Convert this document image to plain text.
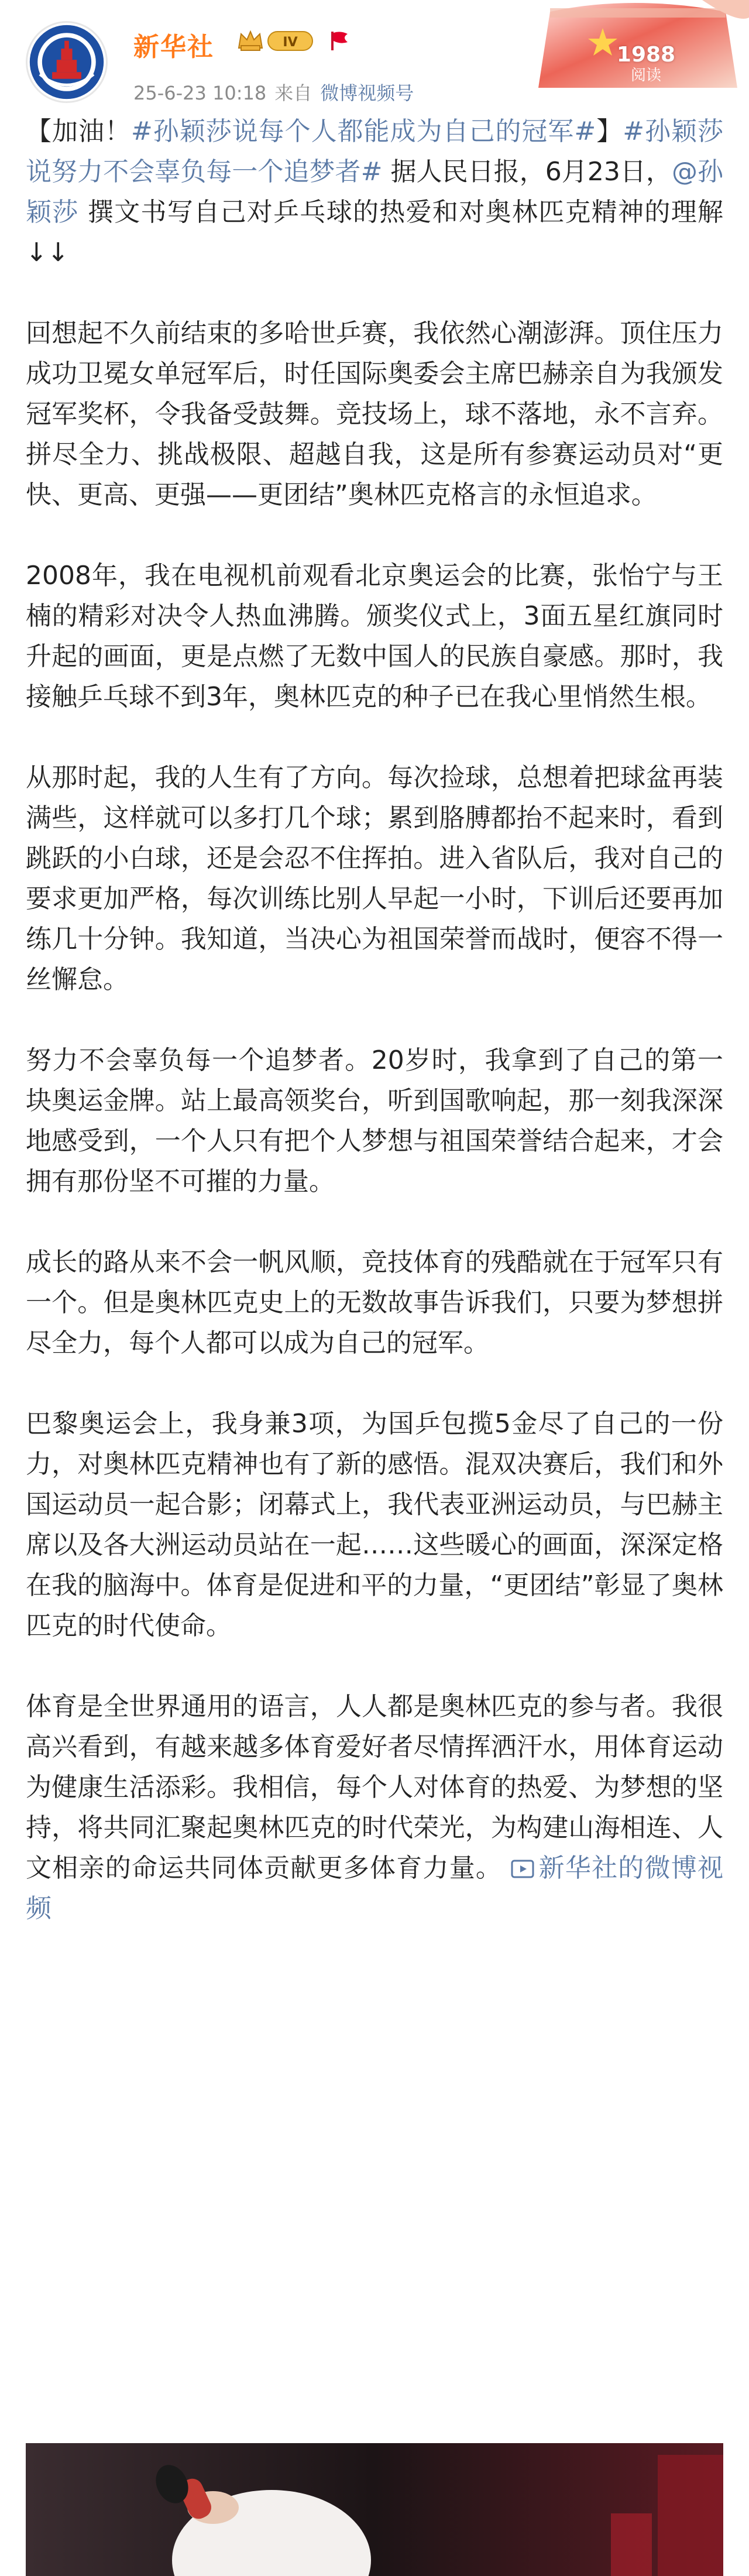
1988
阅读
新华社	IV
25-6-23 10:18 来自 微博视频号

【加油！#孙颖莎说每个人都能成为自己的冠军#】#孙颖莎说努力不会辜负每一个追梦者# 据人民日报，6月23日，@孙颖莎 撰文书写自己对乒乓球的热爱和对奥林匹克精神的理解↓↓

回想起不久前结束的多哈世乒赛，我依然心潮澎湃。顶住压力成功卫冕女单冠军后，时任国际奥委会主席巴赫亲自为我颁发冠军奖杯，令我备受鼓舞。竞技场上，球不落地，永不言弃。拼尽全力、挑战极限、超越自我，这是所有参赛运动员对“更快、更高、更强——更团结”奥林匹克格言的永恒追求。

2008年，我在电视机前观看北京奥运会的比赛，张怡宁与王楠的精彩对决令人热血沸腾。颁奖仪式上，3面五星红旗同时升起的画面，更是点燃了无数中国人的民族自豪感。那时，我接触乒乓球不到3年，奥林匹克的种子已在我心里悄然生根。

从那时起，我的人生有了方向。每次捡球，总想着把球盆再装满些，这样就可以多打几个球；累到胳膊都抬不起来时，看到跳跃的小白球，还是会忍不住挥拍。进入省队后，我对自己的要求更加严格，每次训练比别人早起一小时，下训后还要再加练几十分钟。我知道，当决心为祖国荣誉而战时，便容不得一丝懈怠。

努力不会辜负每一个追梦者。20岁时，我拿到了自己的第一块奥运金牌。站上最高领奖台，听到国歌响起，那一刻我深深地感受到，一个人只有把个人梦想与祖国荣誉结合起来，才会拥有那份坚不可摧的力量。

成长的路从来不会一帆风顺，竞技体育的残酷就在于冠军只有一个。但是奥林匹克史上的无数故事告诉我们，只要为梦想拼尽全力，每个人都可以成为自己的冠军。

巴黎奥运会上，我身兼3项，为国乒包揽5金尽了自己的一份力，对奥林匹克精神也有了新的感悟。混双决赛后，我们和外国运动员一起合影；闭幕式上，我代表亚洲运动员，与巴赫主席以及各大洲运动员站在一起……这些暖心的画面，深深定格在我的脑海中。体育是促进和平的力量，“更团结”彰显了奥林匹克的时代使命。

体育是全世界通用的语言，人人都是奥林匹克的参与者。我很高兴看到，有越来越多体育爱好者尽情挥洒汗水，用体育运动为健康生活添彩。我相信，每个人对体育的热爱、为梦想的坚持，将共同汇聚起奥林匹克的时代荣光，为构建山海相连、人文相亲的命运共同体贡献更多体育力量。 新华社的微博视频
